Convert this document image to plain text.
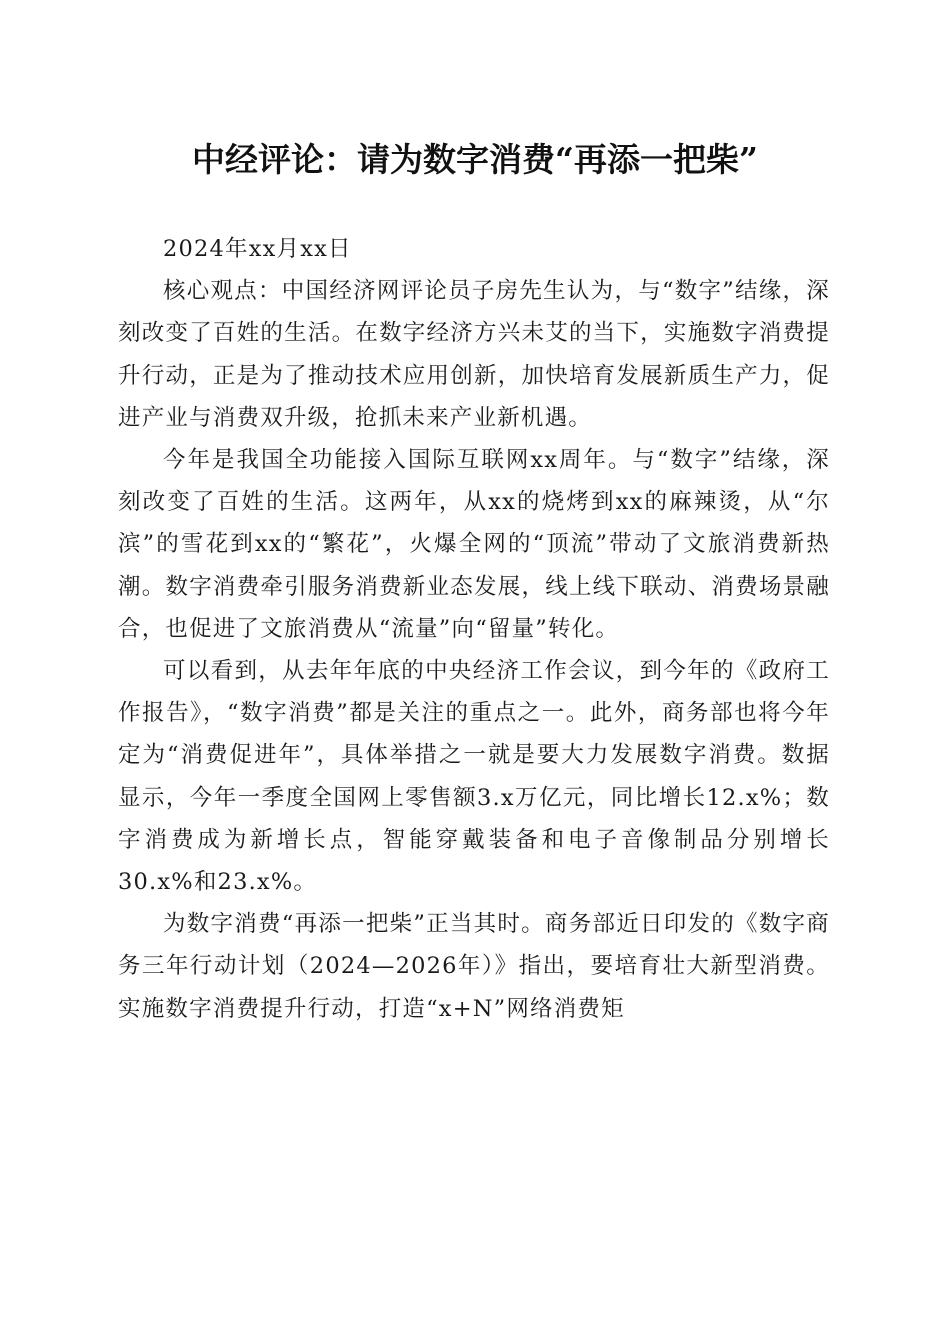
中经评论：请为数字消费“再添一把柴”

2024年xx月xx日

核心观点：中国经济网评论员子房先生认为，与“数字”结缘，深刻改变了百姓的生活。在数字经济方兴未艾的当下，实施数字消费提升行动，正是为了推动技术应用创新，加快培育发展新质生产力，促进产业与消费双升级，抢抓未来产业新机遇。

今年是我国全功能接入国际互联网xx周年。与“数字”结缘，深刻改变了百姓的生活。这两年，从xx的烧烤到xx的麻辣烫，从“尔滨”的雪花到xx的“繁花”，火爆全网的“顶流”带动了文旅消费新热潮。数字消费牵引服务消费新业态发展，线上线下联动、消费场景融合，也促进了文旅消费从“流量”向“留量”转化。

可以看到，从去年年底的中央经济工作会议，到今年的《政府工作报告》，“数字消费”都是关注的重点之一。此外，商务部也将今年定为“消费促进年”，具体举措之一就是要大力发展数字消费。数据显示，今年一季度全国网上零售额3.x万亿元，同比增长12.x%；数字消费成为新增长点，智能穿戴装备和电子音像制品分别增长30.x%和23.x%。

为数字消费“再添一把柴”正当其时。商务部近日印发的《数字商务三年行动计划（2024—2026年）》指出，要培育壮大新型消费。实施数字消费提升行动，打造“x+N”网络消费矩
